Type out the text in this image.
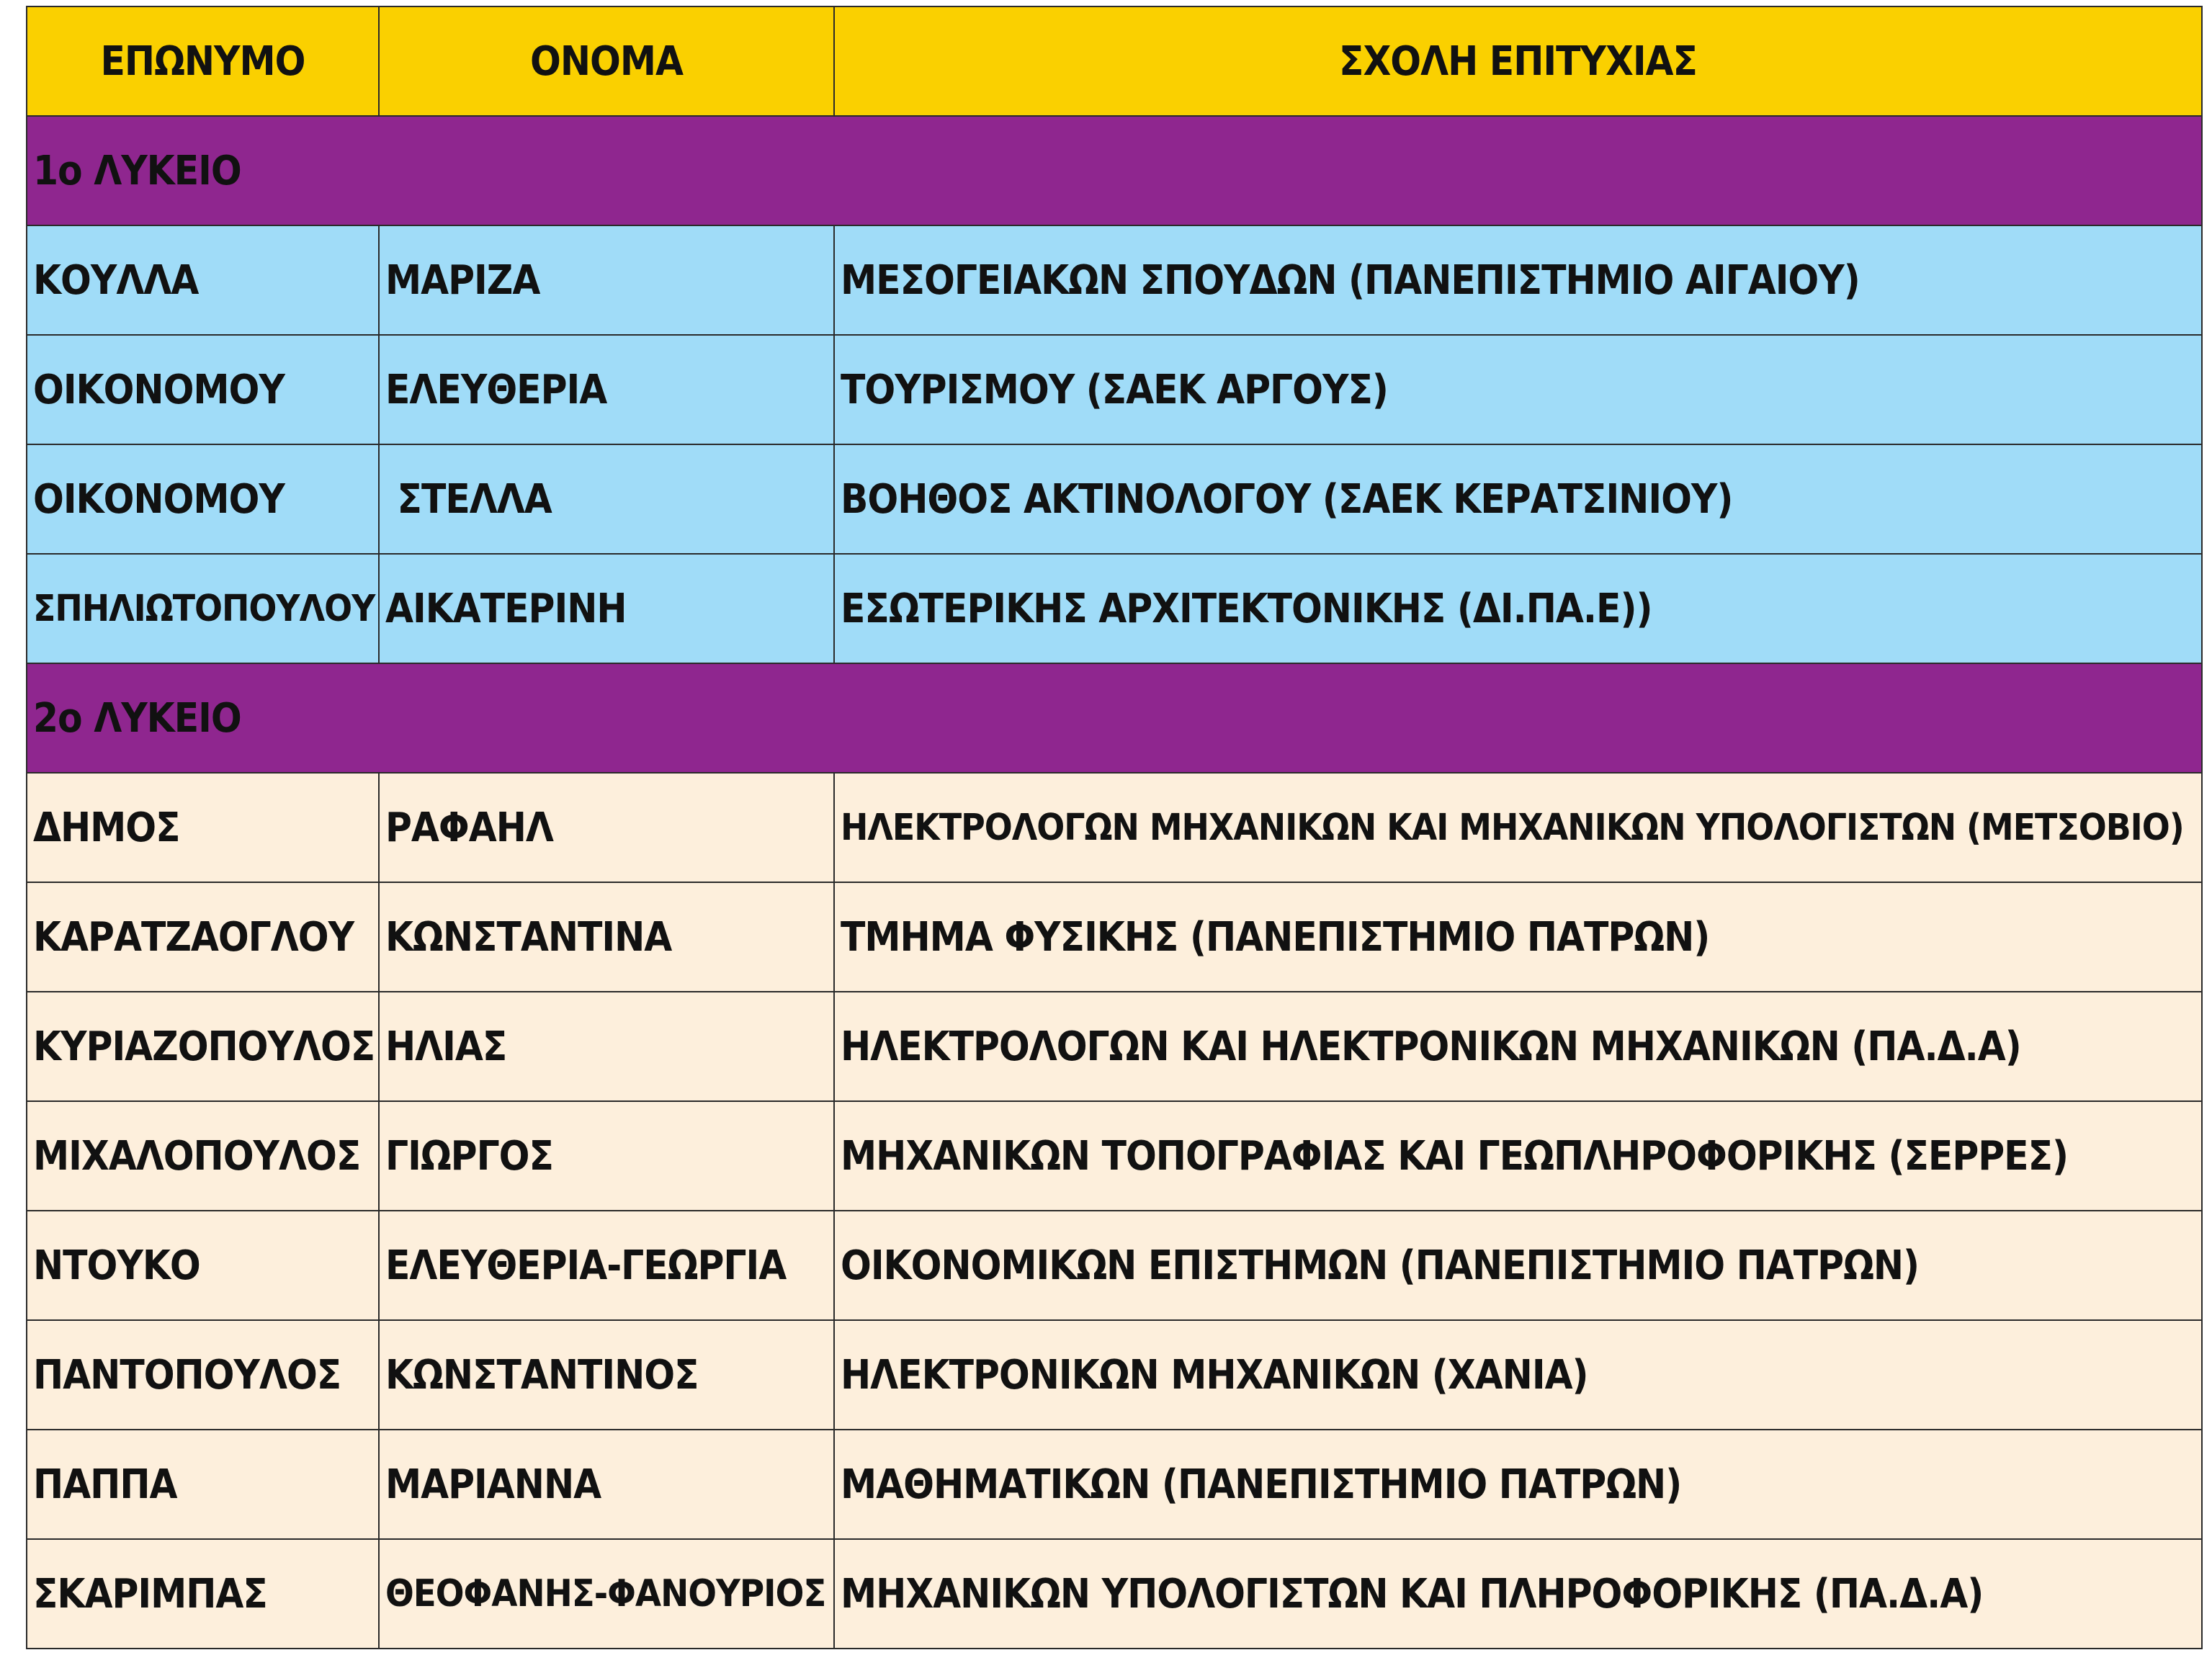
ΕΠΩΝΥΜΟ	ΟΝΟΜΑ	ΣΧΟΛΗ ΕΠΙΤΥΧΙΑΣ
1ο ΛΥΚΕΙΟ		
ΚΟΥΛΛΑ	ΜΑΡΙΖΑ	ΜΕΣΟΓΕΙΑΚΩΝ ΣΠΟΥΔΩΝ (ΠΑΝΕΠΙΣΤΗΜΙΟ ΑΙΓΑΙΟΥ)
ΟΙΚΟΝΟΜΟΥ	ΕΛΕΥΘΕΡΙΑ	ΤΟΥΡΙΣΜΟΥ (ΣΑΕΚ ΑΡΓΟΥΣ)
ΟΙΚΟΝΟΜΟΥ	ΣΤΕΛΛΑ	ΒΟΗΘΟΣ ΑΚΤΙΝΟΛΟΓΟΥ (ΣΑΕΚ ΚΕΡΑΤΣΙΝΙΟΥ)
ΣΠΗΛΙΩΤΟΠΟΥΛΟΥ	ΑΙΚΑΤΕΡΙΝΗ	ΕΣΩΤΕΡΙΚΗΣ ΑΡΧΙΤΕΚΤΟΝΙΚΗΣ (ΔΙ.ΠΑ.Ε))
2ο ΛΥΚΕΙΟ		
ΔΗΜΟΣ	ΡΑΦΑΗΛ	ΗΛΕΚΤΡΟΛΟΓΩΝ ΜΗΧΑΝΙΚΩΝ ΚΑΙ ΜΗΧΑΝΙΚΩΝ ΥΠΟΛΟΓΙΣΤΩΝ (ΜΕΤΣΟΒΙΟ)
ΚΑΡΑΤΖΑΟΓΛΟΥ	ΚΩΝΣΤΑΝΤΙΝΑ	ΤΜΗΜΑ ΦΥΣΙΚΗΣ (ΠΑΝΕΠΙΣΤΗΜΙΟ ΠΑΤΡΩΝ)
ΚΥΡΙΑΖΟΠΟΥΛΟΣ	ΗΛΙΑΣ	ΗΛΕΚΤΡΟΛΟΓΩΝ ΚΑΙ ΗΛΕΚΤΡΟΝΙΚΩΝ ΜΗΧΑΝΙΚΩΝ (ΠΑ.Δ.Α)
ΜΙΧΑΛΟΠΟΥΛΟΣ	ΓΙΩΡΓΟΣ	ΜΗΧΑΝΙΚΩΝ ΤΟΠΟΓΡΑΦΙΑΣ ΚΑΙ ΓΕΩΠΛΗΡΟΦΟΡΙΚΗΣ (ΣΕΡΡΕΣ)
ΝΤΟΥΚΟ	ΕΛΕΥΘΕΡΙΑ-ΓΕΩΡΓΙΑ	ΟΙΚΟΝΟΜΙΚΩΝ ΕΠΙΣΤΗΜΩΝ (ΠΑΝΕΠΙΣΤΗΜΙΟ ΠΑΤΡΩΝ)
ΠΑΝΤΟΠΟΥΛΟΣ	ΚΩΝΣΤΑΝΤΙΝΟΣ	ΗΛΕΚΤΡΟΝΙΚΩΝ ΜΗΧΑΝΙΚΩΝ (ΧΑΝΙΑ)
ΠΑΠΠΑ	ΜΑΡΙΑΝΝΑ	ΜΑΘΗΜΑΤΙΚΩΝ (ΠΑΝΕΠΙΣΤΗΜΙΟ ΠΑΤΡΩΝ)
ΣΚΑΡΙΜΠΑΣ	ΘΕΟΦΑΝΗΣ-ΦΑΝΟΥΡΙΟΣ	ΜΗΧΑΝΙΚΩΝ ΥΠΟΛΟΓΙΣΤΩΝ ΚΑΙ ΠΛΗΡΟΦΟΡΙΚΗΣ (ΠΑ.Δ.Α)
